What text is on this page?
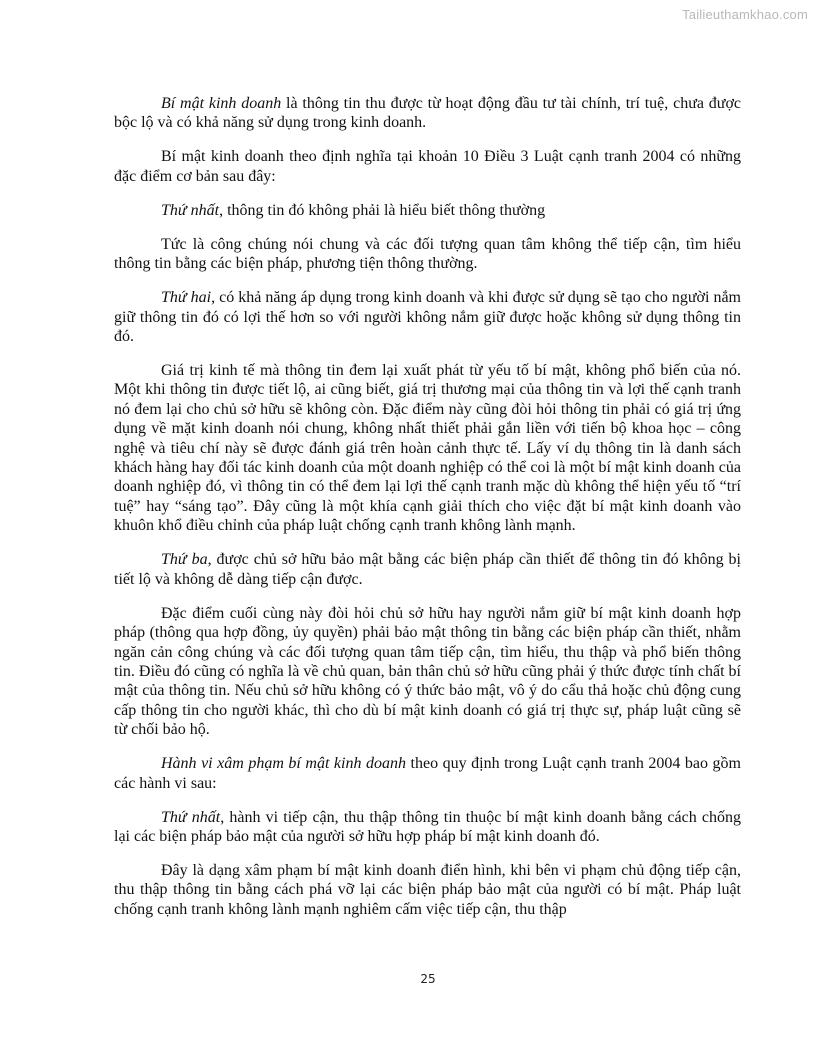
Tailieuthamkhao.com

Bí mật kinh doanh là thông tin thu được từ hoạt động đầu tư tài chính, trí tuệ, chưa được bộc lộ và có khả năng sử dụng trong kinh doanh.

Bí mật kinh doanh theo định nghĩa tại khoản 10 Điều 3 Luật cạnh tranh 2004 có những đặc điểm cơ bản sau đây:

Thứ nhất, thông tin đó không phải là hiểu biết thông thường

Tức là công chúng nói chung và các đối tượng quan tâm không thể tiếp cận, tìm hiểu thông tin bằng các biện pháp, phương tiện thông thường.

Thứ hai, có khả năng áp dụng trong kinh doanh và khi được sử dụng sẽ tạo cho người nắm giữ thông tin đó có lợi thế hơn so với người không nắm giữ được hoặc không sử dụng thông tin đó.

Giá trị kinh tế mà thông tin đem lại xuất phát từ yếu tố bí mật, không phổ biến của nó. Một khi thông tin được tiết lộ, ai cũng biết, giá trị thương mại của thông tin và lợi thế cạnh tranh nó đem lại cho chủ sở hữu sẽ không còn. Đặc điểm này cũng đòi hỏi thông tin phải có giá trị ứng dụng về mặt kinh doanh nói chung, không nhất thiết phải gắn liền với tiến bộ khoa học – công nghệ và tiêu chí này sẽ được đánh giá trên hoàn cảnh thực tế. Lấy ví dụ thông tin là danh sách khách hàng hay đối tác kinh doanh của một doanh nghiệp có thể coi là một bí mật kinh doanh của doanh nghiệp đó, vì thông tin có thể đem lại lợi thế cạnh tranh mặc dù không thể hiện yếu tố “trí tuệ” hay “sáng tạo”. Đây cũng là một khía cạnh giải thích cho việc đặt bí mật kinh doanh vào khuôn khổ điều chỉnh của pháp luật chống cạnh tranh không lành mạnh.

Thứ ba, được chủ sở hữu bảo mật bằng các biện pháp cần thiết để thông tin đó không bị tiết lộ và không dễ dàng tiếp cận được.

Đặc điểm cuối cùng này đòi hỏi chủ sở hữu hay người nắm giữ bí mật kinh doanh hợp pháp (thông qua hợp đồng, ủy quyền) phải bảo mật thông tin bằng các biện pháp cần thiết, nhằm ngăn cản công chúng và các đối tượng quan tâm tiếp cận, tìm hiểu, thu thập và phổ biến thông tin. Điều đó cũng có nghĩa là về chủ quan, bản thân chủ sở hữu cũng phải ý thức được tính chất bí mật của thông tin. Nếu chủ sở hữu không có ý thức bảo mật, vô ý do cẩu thả hoặc chủ động cung cấp thông tin cho người khác, thì cho dù bí mật kinh doanh có giá trị thực sự, pháp luật cũng sẽ từ chối bảo hộ.

Hành vi xâm phạm bí mật kinh doanh theo quy định trong Luật cạnh tranh 2004 bao gồm các hành vi sau:

Thứ nhất, hành vi tiếp cận, thu thập thông tin thuộc bí mật kinh doanh bằng cách chống lại các biện pháp bảo mật của người sở hữu hợp pháp bí mật kinh doanh đó.

Đây là dạng xâm phạm bí mật kinh doanh điển hình, khi bên vi phạm chủ động tiếp cận, thu thập thông tin bằng cách phá vỡ lại các biện pháp bảo mật của người có bí mật. Pháp luật chống cạnh tranh không lành mạnh nghiêm cấm việc tiếp cận, thu thập

25
